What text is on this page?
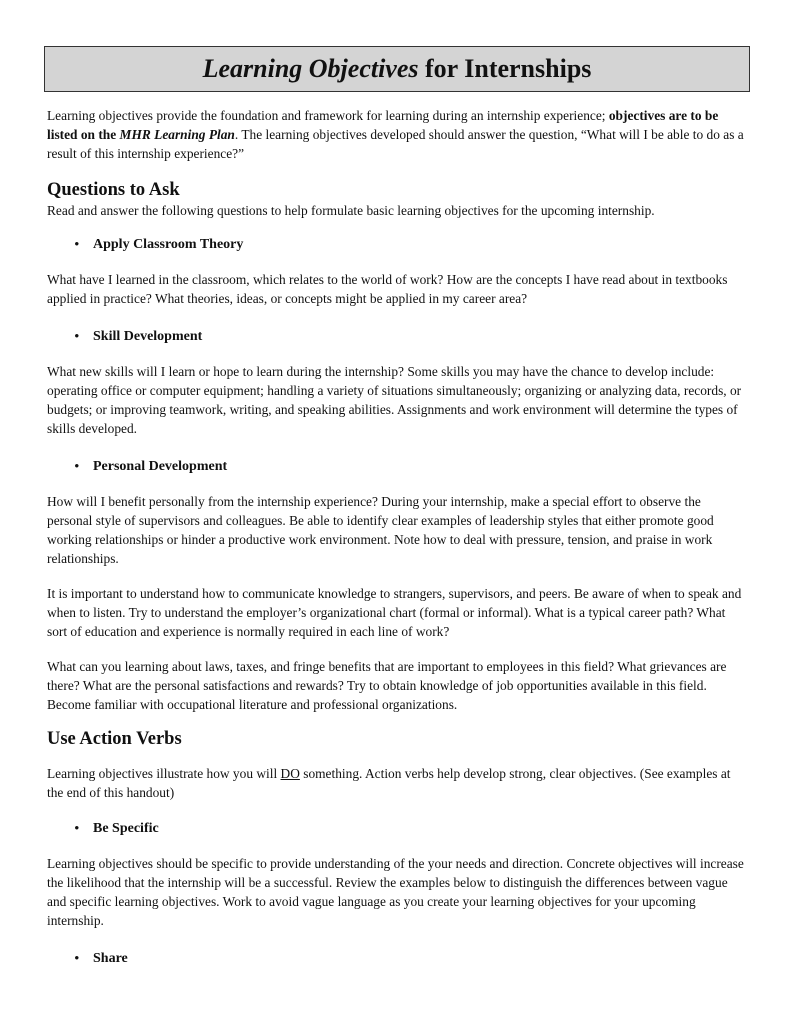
Learning Objectives for Internships

Learning objectives provide the foundation and framework for learning during an internship experience; objectives are to be listed on the MHR Learning Plan. The learning objectives developed should answer the question, “What will I be able to do as a result of this internship experience?”

Questions to Ask

Read and answer the following questions to help formulate basic learning objectives for the upcoming internship.

•	Apply Classroom Theory

What have I learned in the classroom, which relates to the world of work? How are the concepts I have read about in textbooks applied in practice? What theories, ideas, or concepts might be applied in my career area?

•	Skill Development

What new skills will I learn or hope to learn during the internship? Some skills you may have the chance to develop include: operating office or computer equipment; handling a variety of situations simultaneously; organizing or analyzing data, records, or budgets; or improving teamwork, writing, and speaking abilities. Assignments and work environment will determine the types of skills developed.

•	Personal Development

How will I benefit personally from the internship experience? During your internship, make a special effort to observe the personal style of supervisors and colleagues. Be able to identify clear examples of leadership styles that either promote good working relationships or hinder a productive work environment. Note how to deal with pressure, tension, and praise in work relationships.

It is important to understand how to communicate knowledge to strangers, supervisors, and peers. Be aware of when to speak and when to listen. Try to understand the employer’s organizational chart (formal or informal). What is a typical career path? What sort of education and experience is normally required in each line of work?

What can you learning about laws, taxes, and fringe benefits that are important to employees in this field? What grievances are there? What are the personal satisfactions and rewards? Try to obtain knowledge of job opportunities available in this field. Become familiar with occupational literature and professional organizations.

Use Action Verbs

Learning objectives illustrate how you will DO something. Action verbs help develop strong, clear objectives. (See examples at the end of this handout)

•	Be Specific

Learning objectives should be specific to provide understanding of the your needs and direction. Concrete objectives will increase the likelihood that the internship will be a successful. Review the examples below to distinguish the differences between vague and specific learning objectives. Work to avoid vague language as you create your learning objectives for your upcoming internship.

•	Share
